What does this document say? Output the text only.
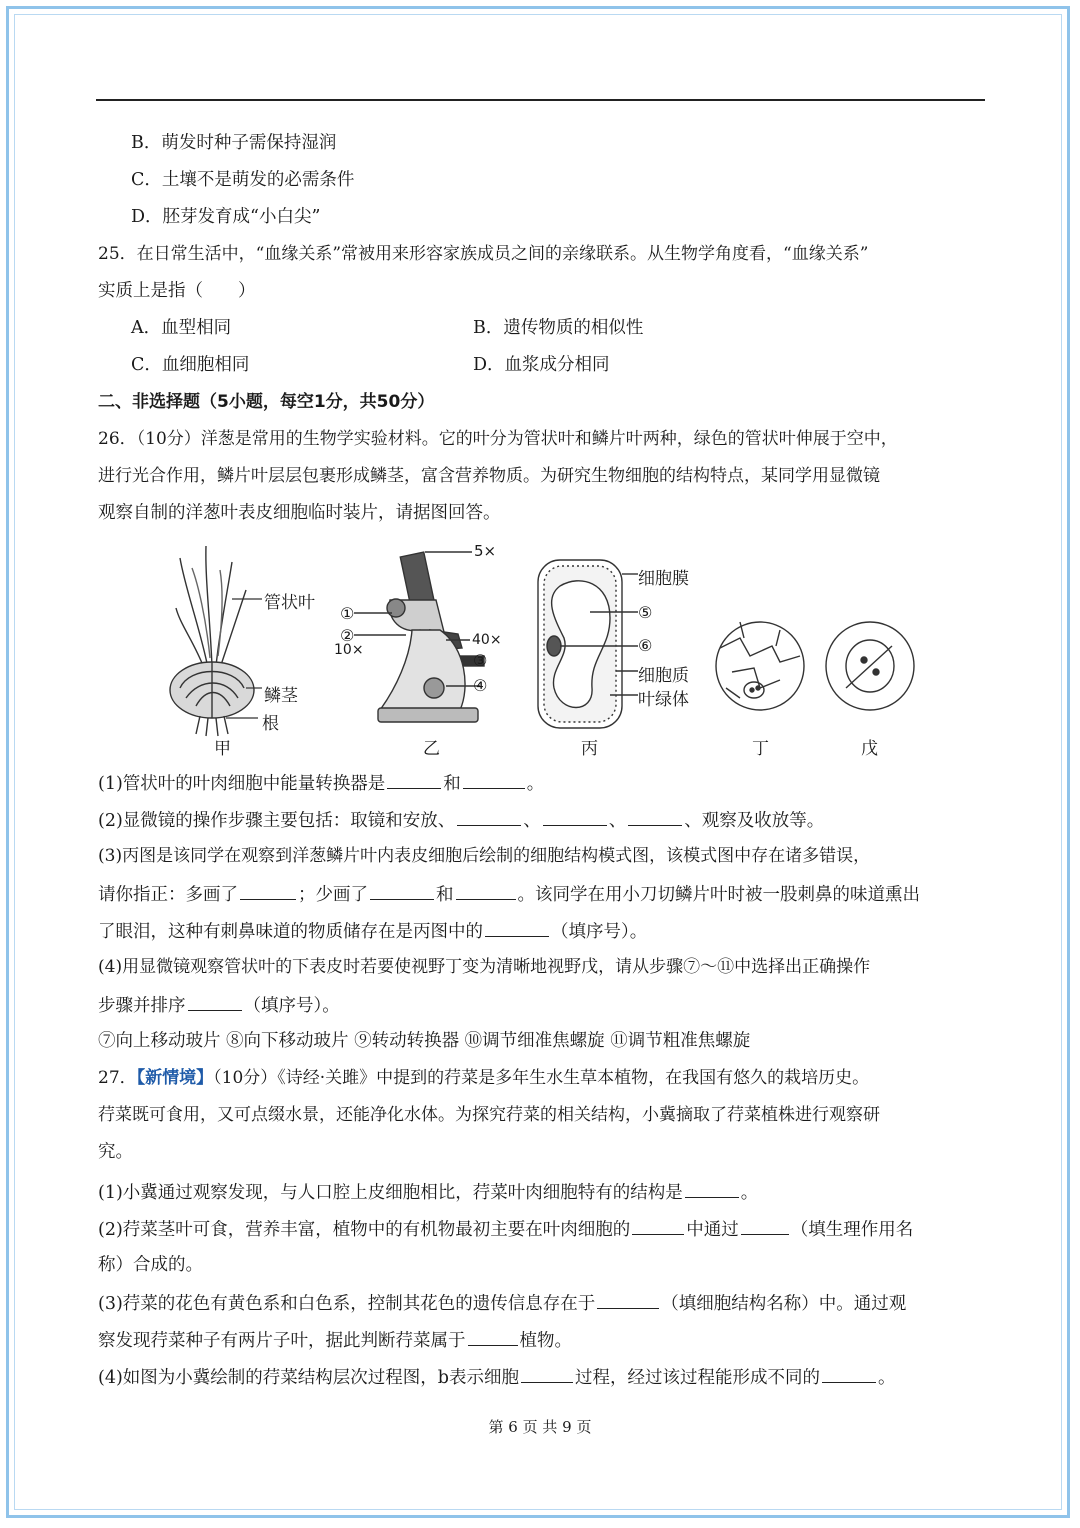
B．萌发时种子需保持湿润
C．土壤不是萌发的必需条件
D．胚芽发育成“小白尖”
25．在日常生活中，“血缘关系”常被用来形容家族成员之间的亲缘联系。从生物学角度看，“血缘关系”
实质上是指（　　）
A．血型相同	B．遗传物质的相似性
C．血细胞相同	D．血浆成分相同
二、非选择题（5小题，每空1分，共50分）
26．（10分）洋葱是常用的生物学实验材料。它的叶分为管状叶和鳞片叶两种，绿色的管状叶伸展于空中，
进行光合作用，鳞片叶层层包裹形成鳞茎，富含营养物质。为研究生物细胞的结构特点，某同学用显微镜
观察自制的洋葱叶表皮细胞临时装片，请据图回答。
管状叶
鳞茎
根
5×
①
②
10×
40×
③
④
细胞膜
⑤
⑥
细胞质
叶绿体
甲	乙	丙	丁	戊
(1)管状叶的叶肉细胞中能量转换器是	和	。
(2)显微镜的操作步骤主要包括：取镜和安放、	、	、	、观察及收放等。
(3)丙图是该同学在观察到洋葱鳞片叶内表皮细胞后绘制的细胞结构模式图，该模式图中存在诸多错误，
请你指正：多画了	；少画了	和	。该同学在用小刀切鳞片叶时被一股刺鼻的味道熏出
了眼泪，这种有刺鼻味道的物质储存在是丙图中的	（填序号）。
(4)用显微镜观察管状叶的下表皮时若要使视野丁变为清晰地视野戊，请从步骤⑦～⑪中选择出正确操作
步骤并排序	（填序号）。
⑦向上移动玻片 ⑧向下移动玻片 ⑨转动转换器 ⑩调节细准焦螺旋 ⑪调节粗准焦螺旋
27．【新情境】（10分）《诗经·关雎》中提到的荇菜是多年生水生草本植物，在我国有悠久的栽培历史。
荇菜既可食用，又可点缀水景，还能净化水体。为探究荇菜的相关结构，小冀摘取了荇菜植株进行观察研
究。
(1)小冀通过观察发现，与人口腔上皮细胞相比，荇菜叶肉细胞特有的结构是	。
(2)荇菜茎叶可食，营养丰富，植物中的有机物最初主要在叶肉细胞的	中通过	（填生理作用名
称）合成的。
(3)荇菜的花色有黄色系和白色系，控制其花色的遗传信息存在于	（填细胞结构名称）中。通过观
察发现荇菜种子有两片子叶，据此判断荇菜属于	植物。
(4)如图为小冀绘制的荇菜结构层次过程图，b表示细胞	过程，经过该过程能形成不同的	。
第 6 页 共 9 页
